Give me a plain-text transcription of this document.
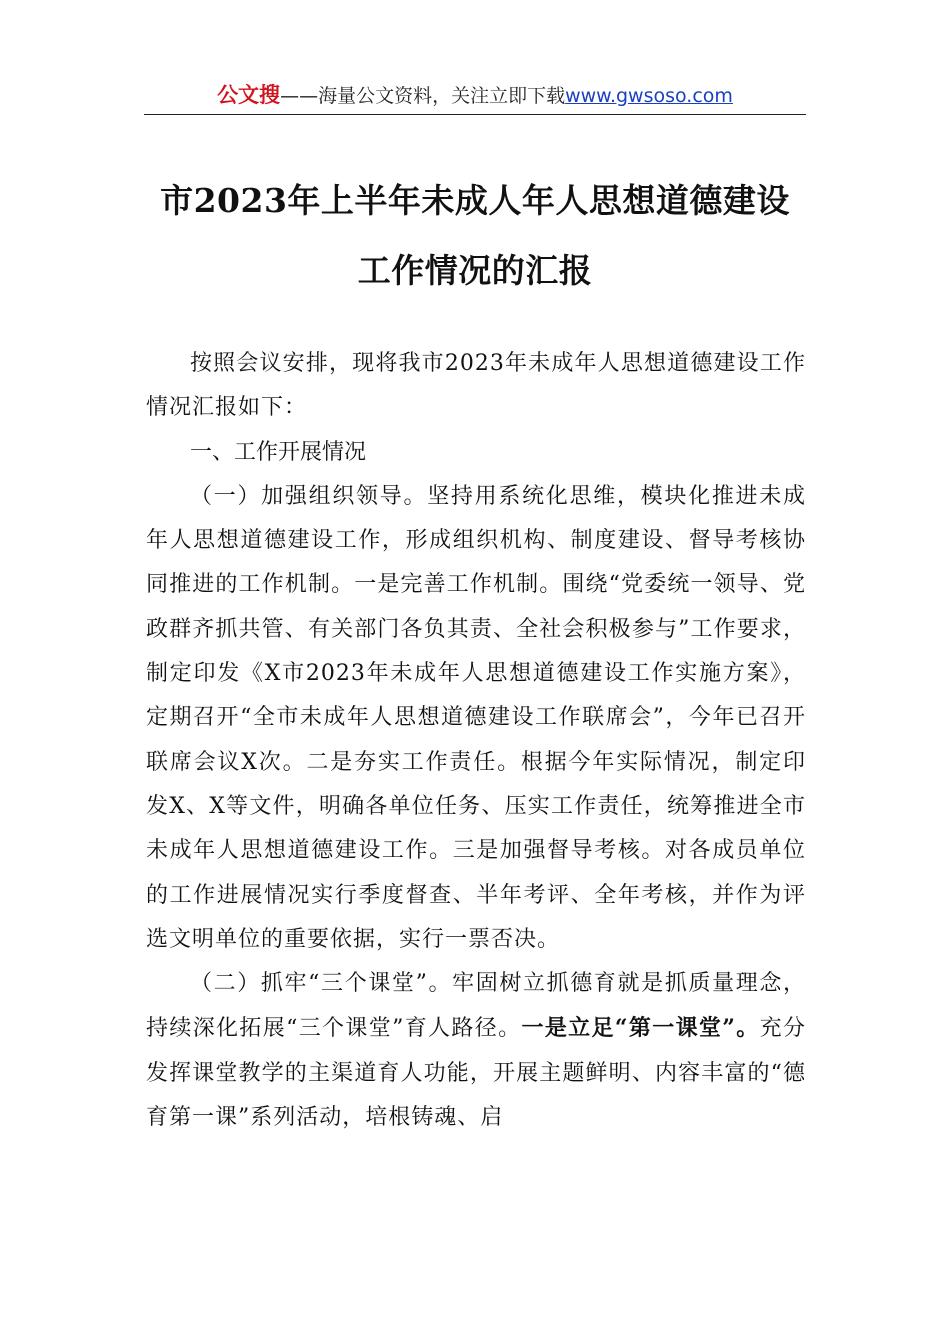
公文搜——海量公文资料，关注立即下载www.gwsoso.com
市2023年上半年未成人年人思想道德建设
工作情况的汇报

按照会议安排，现将我市2023年未成年人思想道德建设工作情况汇报如下：

一、工作开展情况

（一）加强组织领导。坚持用系统化思维，模块化推进未成年人思想道德建设工作，形成组织机构、制度建设、督导考核协同推进的工作机制。一是完善工作机制。围绕“党委统一领导、党政群齐抓共管、有关部门各负其责、全社会积极参与”工作要求，制定印发《X市2023年未成年人思想道德建设工作实施方案》，定期召开“全市未成年人思想道德建设工作联席会”，今年已召开联席会议X次。二是夯实工作责任。根据今年实际情况，制定印发X、X等文件，明确各单位任务、压实工作责任，统筹推进全市未成年人思想道德建设工作。三是加强督导考核。对各成员单位的工作进展情况实行季度督查、半年考评、全年考核，并作为评选文明单位的重要依据，实行一票否决。

（二）抓牢“三个课堂”。牢固树立抓德育就是抓质量理念，持续深化拓展“三个课堂”育人路径。一是立足“第一课堂”。充分发挥课堂教学的主渠道育人功能，开展主题鲜明、内容丰富的“德育第一课”系列活动，培根铸魂、启
